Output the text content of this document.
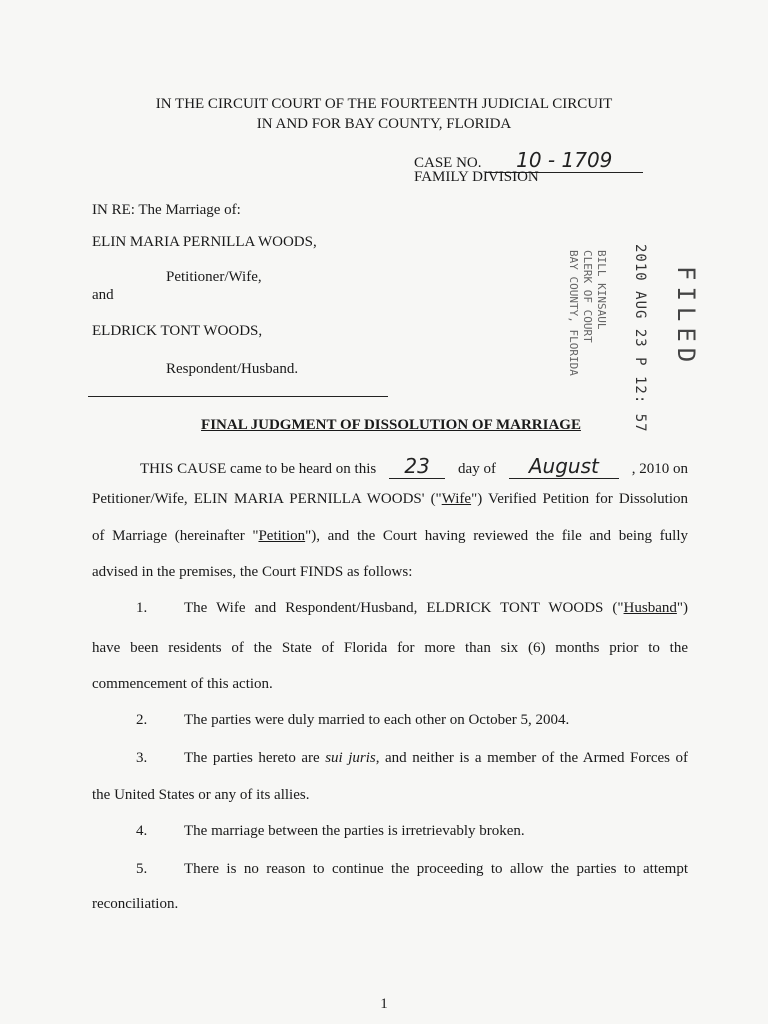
IN THE CIRCUIT COURT OF THE FOURTEENTH JUDICIAL CIRCUIT
IN AND FOR BAY COUNTY, FLORIDA
CASE NO. 10 - 1709
FAMILY DIVISION
IN RE: The Marriage of:
ELIN MARIA PERNILLA WOODS,
Petitioner/Wife,
and
ELDRICK TONT WOODS,
Respondent/Husband.	2010 AUG 23 P 12: 57
BILL KINSAUL
CLERK OF COURT
BAY COUNTY, FLORIDA	FILED
FINAL JUDGMENT OF DISSOLUTION OF MARRIAGE
THIS CAUSE came to be heard on this	23	day of	August	, 2010 on
Petitioner/Wife, ELIN MARIA PERNILLA WOODS' ("Wife") Verified Petition for Dissolution
of Marriage (hereinafter "Petition"), and the Court having reviewed the file and being fully
advised in the premises, the Court FINDS as follows:
1. The Wife and Respondent/Husband, ELDRICK TONT WOODS ("Husband")
have been residents of the State of Florida for more than six (6) months prior to the
commencement of this action.
2. The parties were duly married to each other on October 5, 2004.
3. The parties hereto are sui juris, and neither is a member of the Armed Forces of
the United States or any of its allies.
4. The marriage between the parties is irretrievably broken.
5. There is no reason to continue the proceeding to allow the parties to attempt
reconciliation.
1
